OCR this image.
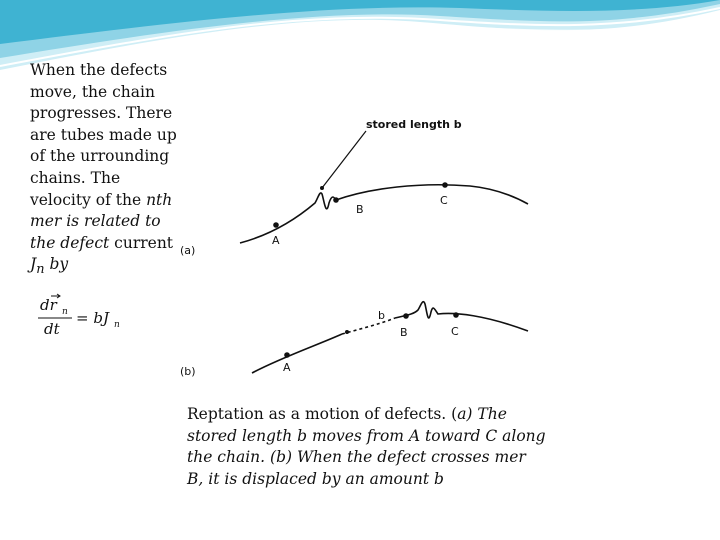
When the defects move, the chain progresses. There are tubes made up of the urrounding chains. The velocity of the nth mer is related to the defect current $J_n$ by
dr n
dt
= bJ n
stored length b
A
B
C
(a)
b
A
B	C
(b)
Reptation as a motion of defects. (a) The stored length b moves from A toward C along the chain. (b) When the defect crosses mer B, it is displaced by an amount b
